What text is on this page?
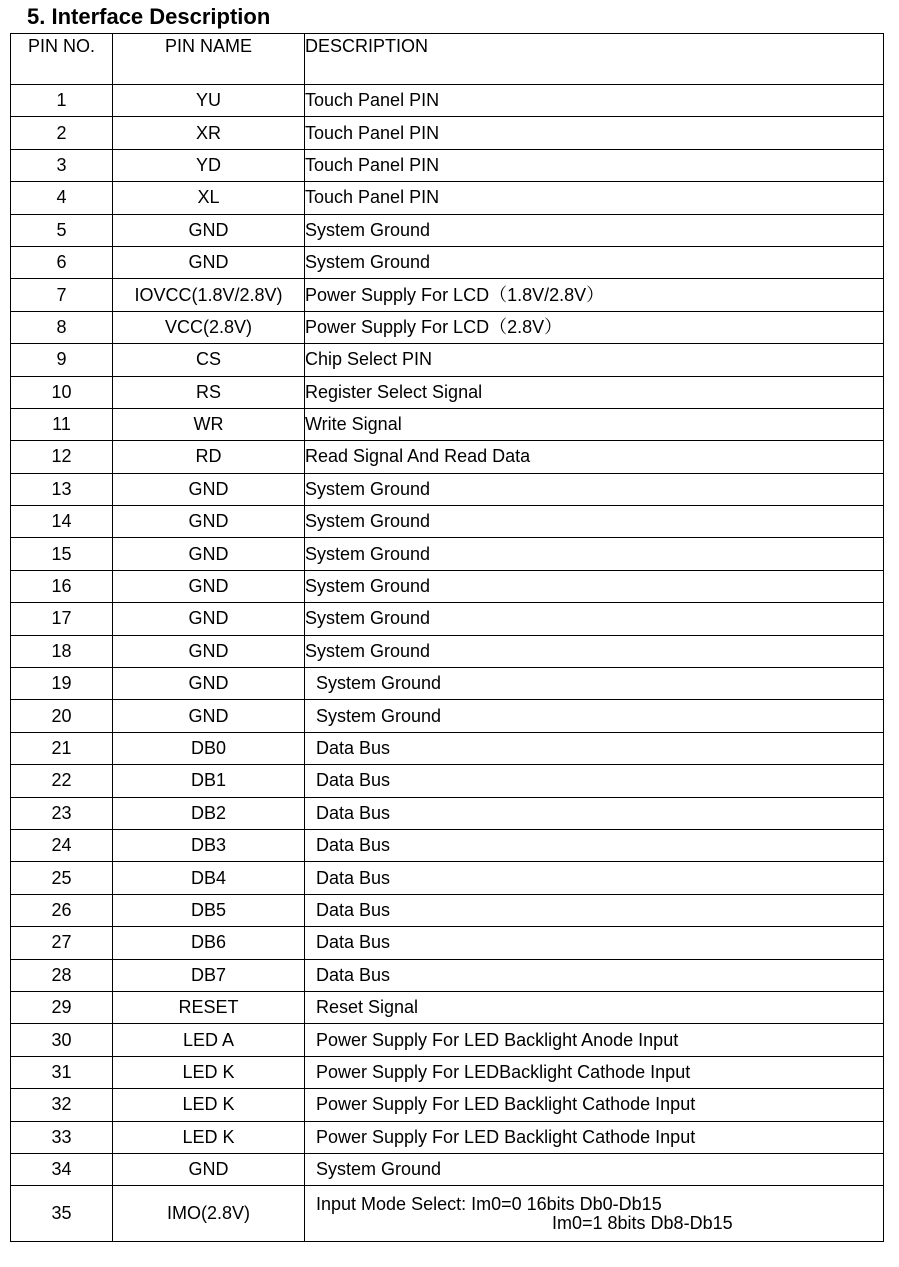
5. Interface Description
PIN NO.	PIN NAME	DESCRIPTION
1	YU	Touch Panel PIN
2	XR	Touch Panel PIN
3	YD	Touch Panel PIN
4	XL	Touch Panel PIN
5	GND	System Ground
6	GND	System Ground
7	IOVCC(1.8V/2.8V)	Power Supply For LCD（1.8V/2.8V）
8	VCC(2.8V)	Power Supply For LCD（2.8V）
9	CS	Chip Select PIN
10	RS	Register Select Signal
11	WR	Write Signal
12	RD	Read Signal And Read Data
13	GND	System Ground
14	GND	System Ground
15	GND	System Ground
16	GND	System Ground
17	GND	System Ground
18	GND	System Ground
19	GND	System Ground
20	GND	System Ground
21	DB0	Data Bus
22	DB1	Data Bus
23	DB2	Data Bus
24	DB3	Data Bus
25	DB4	Data Bus
26	DB5	Data Bus
27	DB6	Data Bus
28	DB7	Data Bus
29	RESET	Reset Signal
30	LED A	Power Supply For LED Backlight Anode Input
31	LED K	Power Supply For LEDBacklight Cathode Input
32	LED K	Power Supply For LED Backlight Cathode Input
33	LED K	Power Supply For LED Backlight Cathode Input
34	GND	System Ground
35	IMO(2.8V)	Input Mode Select: Im0=0 16bits Db0-Db15
Im0=1 8bits Db8-Db15
